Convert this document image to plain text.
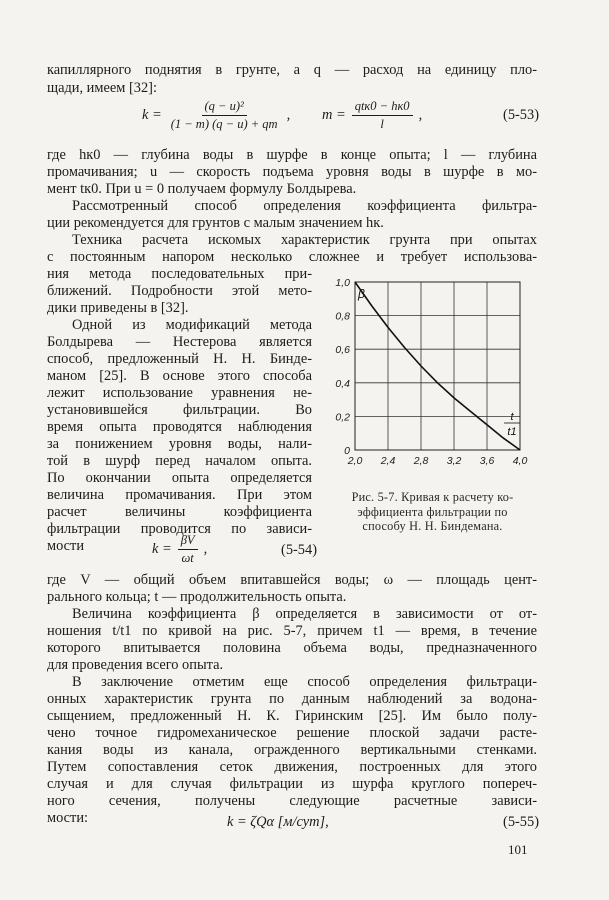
капиллярного поднятия в грунте, а q — расход на единицу пло-

щади, имеем [32]:

$k = \frac{\text{(q − u)²}}{(1 - m) (q - u) + qm}$ , $m = \frac{\text{qtк0 − hк0}}{l}$ ,	(5-53)

где hк0 — глубина воды в шурфе в конце опыта; l — глубина

промачивания; u — скорость подъема уровня воды в шурфе в мо-

мент tк0. При u = 0 получаем формулу Болдырева.

Рассмотренный способ определения коэффициента фильтра-

ции рекомендуется для грунтов с малым значением hк.

Техника расчета искомых характеристик грунта при опытах

с постоянным напором несколько сложнее и требует использова-

ния метода последовательных при-

ближений. Подробности этой мето-

дики приведены в [32].

Одной из модификаций метода

Болдырева — Нестерова является

способ, предложенный Н. Н. Бинде-

маном [25]. В основе этого способа

лежит использование уравнения не-

установившейся фильтрации. Во

время опыта проводятся наблюдения

за понижением уровня воды, нали-

той в шурф перед началом опыта.

По окончании опыта определяется

величина промачивания. При этом

расчет величины коэффициента

фильтрации проводится по зависи-

мости	$k = \frac{\beta V}{\omega t}$ ,	(5-54)
2,0 2,4 2,8 3,2 3,6 4,0
0
0,2
0,4
0,6
0,8
1,0
β
t
t1
Рис. 5-7. Кривая к расчету ко-
эффициента фильтрации по
способу Н. Н. Биндемана.

где V — общий объем впитавшейся воды; ω — площадь цент-

рального кольца; t — продолжительность опыта.

Величина коэффициента β определяется в зависимости от от-

ношения t/t1 по кривой на рис. 5-7, причем t1 — время, в течение

которого впитывается половина объема воды, предназначенного

для проведения всего опыта.

В заключение отметим еще способ определения фильтраци-

онных характеристик грунта по данным наблюдений за водона-

сыщением, предложенный Н. К. Гиринским [25]. Им было полу-

чено точное гидромеханическое решение плоской задачи расте-

кания воды из канала, огражденного вертикальными стенками.

Путем сопоставления сеток движения, построенных для этого

случая и для случая фильтрации из шурфа круглого попереч-

ного сечения, получены следующие расчетные зависи-

мости:	k = ζQα [м/сут],	(5-55)
101
